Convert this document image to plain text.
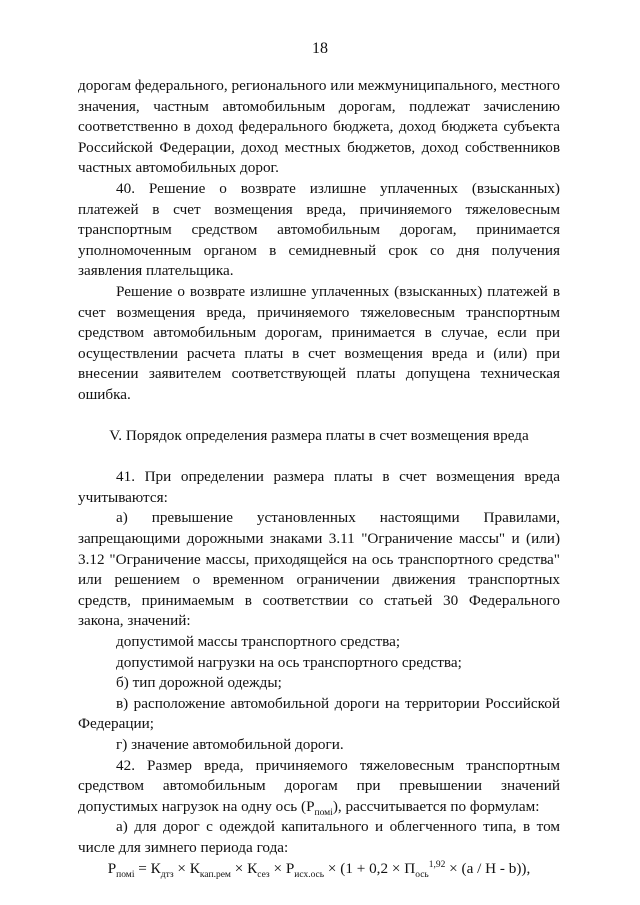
18

дорогам федерального, регионального или межмуниципального, местного значения, частным автомобильным дорогам, подлежат зачислению соответственно в доход федерального бюджета, доход бюджета субъекта Российской Федерации, доход местных бюджетов, доход собственников частных автомобильных дорог.

40. Решение о возврате излишне уплаченных (взысканных) платежей в счет возмещения вреда, причиняемого тяжеловесным транспортным средством автомобильным дорогам, принимается уполномоченным органом в семидневный срок со дня получения заявления плательщика.

Решение о возврате излишне уплаченных (взысканных) платежей в счет возмещения вреда, причиняемого тяжеловесным транспортным средством автомобильным дорогам, принимается в случае, если при осуществлении расчета платы в счет возмещения вреда и (или) при внесении заявителем соответствующей платы допущена техническая ошибка.

V. Порядок определения размера платы в счет возмещения вреда

41. При определении размера платы в счет возмещения вреда учитываются:

а) превышение установленных настоящими Правилами, запрещающими дорожными знаками 3.11 "Ограничение массы" и (или) 3.12 "Ограничение массы, приходящейся на ось транспортного средства" или решением о временном ограничении движения транспортных средств, принимаемым в соответствии со статьей 30 Федерального закона, значений:

допустимой массы транспортного средства;

допустимой нагрузки на ось транспортного средства;

б) тип дорожной одежды;

в) расположение автомобильной дороги на территории Российской Федерации;

г) значение автомобильной дороги.

42. Размер вреда, причиняемого тяжеловесным транспортным средством автомобильным дорогам при превышении значений допустимых нагрузок на одну ось $(Р_{помi})$, рассчитывается по формулам:

а) для дорог с одеждой капитального и облегченного типа, в том числе для зимнего периода года:

$Р_{помi} = К_{дтз} \times К_{кап.рем} \times К_{сез} \times Р_{исх.ось} \times (1 + 0,2 \times П_{ось}^{1,92} \times (a / H - b))$,
